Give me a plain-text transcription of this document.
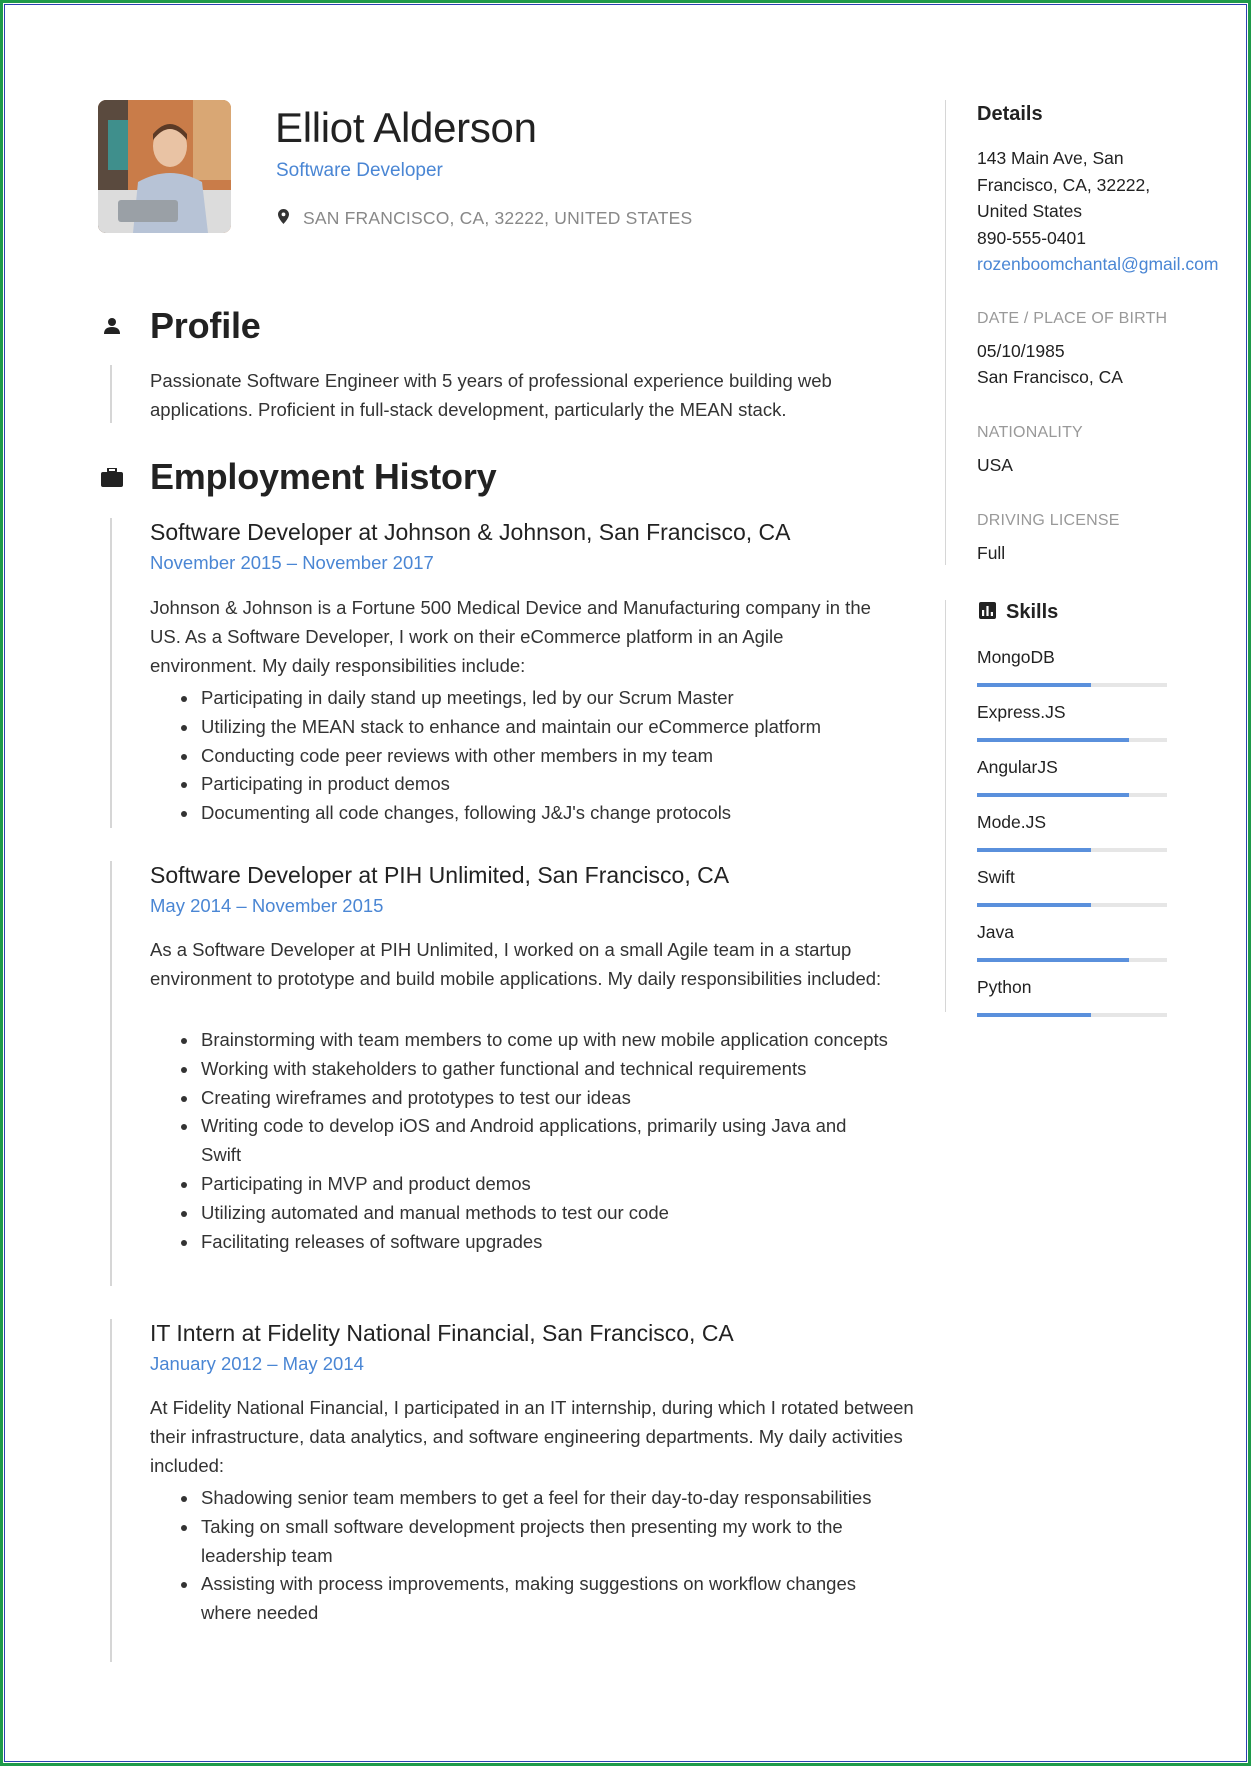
Elliot Alderson
Software Developer
SAN FRANCISCO, CA, 32222, UNITED STATES
Profile
Passionate Software Engineer with 5 years of professional experience building web applications. Proficient in full-stack development, particularly the MEAN stack.
Employment History
Software Developer at Johnson & Johnson, San Francisco, CA
November 2015 – November 2017
Johnson & Johnson is a Fortune 500 Medical Device and Manufacturing company in the US. As a Software Developer, I work on their eCommerce platform in an Agile environment. My daily responsibilities include:
Participating in daily stand up meetings, led by our Scrum Master
Utilizing the MEAN stack to enhance and maintain our eCommerce platform
Conducting code peer reviews with other members in my team
Participating in product demos
Documenting all code changes, following J&J's change protocols
Software Developer at PIH Unlimited, San Francisco, CA
May 2014 – November 2015
As a Software Developer at PIH Unlimited, I worked on a small Agile team in a startup environment to prototype and build mobile applications. My daily responsibilities included:
Brainstorming with team members to come up with new mobile application concepts
Working with stakeholders to gather functional and technical requirements
Creating wireframes and prototypes to test our ideas
Writing code to develop iOS and Android applications, primarily using Java and Swift
Participating in MVP and product demos
Utilizing automated and manual methods to test our code
Facilitating releases of software upgrades
IT Intern at Fidelity National Financial, San Francisco, CA
January 2012 – May 2014
At Fidelity National Financial, I participated in an IT internship, during which I rotated between their infrastructure, data analytics, and software engineering departments. My daily activities included:
Shadowing senior team members to get a feel for their day-to-day responsabilities
Taking on small software development projects then presenting my work to the leadership team
Assisting with process improvements, making suggestions on workflow changes where needed
Details
143 Main Ave, San
Francisco, CA, 32222,
United States
890-555-0401
rozenboomchantal@gmail.com
DATE / PLACE OF BIRTH
05/10/1985
San Francisco, CA
NATIONALITY
USA
DRIVING LICENSE
Full
Skills
MongoDB
Express.JS
AngularJS
Mode.JS
Swift
Java
Python
